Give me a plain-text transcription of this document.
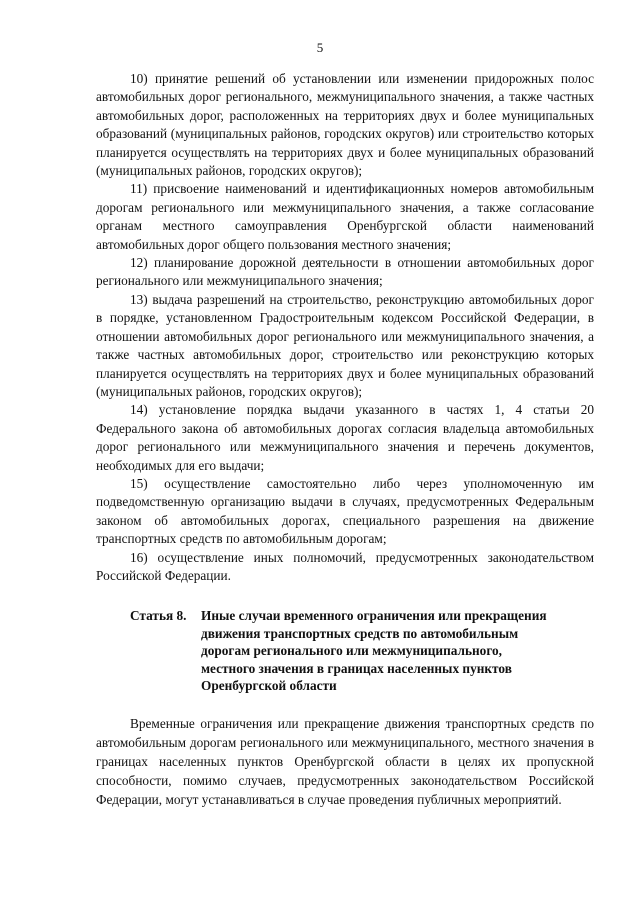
5

10) принятие решений об установлении или изменении придорожных полос автомобильных дорог регионального, межмуниципального значения, а также частных автомобильных дорог, расположенных на территориях двух и более муниципальных образований (муниципальных районов, городских округов) или строительство которых планируется осуществлять на территориях двух и более муниципальных образований (муниципальных районов, городских округов);

11) присвоение наименований и идентификационных номеров автомобильным дорогам регионального или межмуниципального значения, а также согласование органам местного самоуправления Оренбургской области наименований автомобильных дорог общего пользования местного значения;

12) планирование дорожной деятельности в отношении автомобильных дорог регионального или межмуниципального значения;

13) выдача разрешений на строительство, реконструкцию автомобильных дорог в порядке, установленном Градостроительным кодексом Российской Федерации, в отношении автомобильных дорог регионального или межмуниципального значения, а также частных автомобильных дорог, строительство или реконструкцию которых планируется осуществлять на территориях двух и более муниципальных образований (муниципальных районов, городских округов);

14) установление порядка выдачи указанного в частях 1, 4 статьи 20 Федерального закона об автомобильных дорогах согласия владельца автомобильных дорог регионального или межмуниципального значения и перечень документов, необходимых для его выдачи;

15) осуществление самостоятельно либо через уполномоченную им подведомственную организацию выдачи в случаях, предусмотренных Федеральным законом об автомобильных дорогах, специального разрешения на движение транспортных средств по автомобильным дорогам;

16) осуществление иных полномочий, предусмотренных законодательством Российской Федерации.

Статья 8. Иные случаи временного ограничения или прекращения
движения транспортных средств по автомобильным
дорогам регионального или межмуниципального,
местного значения в границах населенных пунктов
Оренбургской области

Временные ограничения или прекращение движения транспортных средств по автомобильным дорогам регионального или межмуниципального, местного значения в границах населенных пунктов Оренбургской области в целях их пропускной способности, помимо случаев, предусмотренных законодательством Российской Федерации, могут устанавливаться в случае проведения публичных мероприятий.
